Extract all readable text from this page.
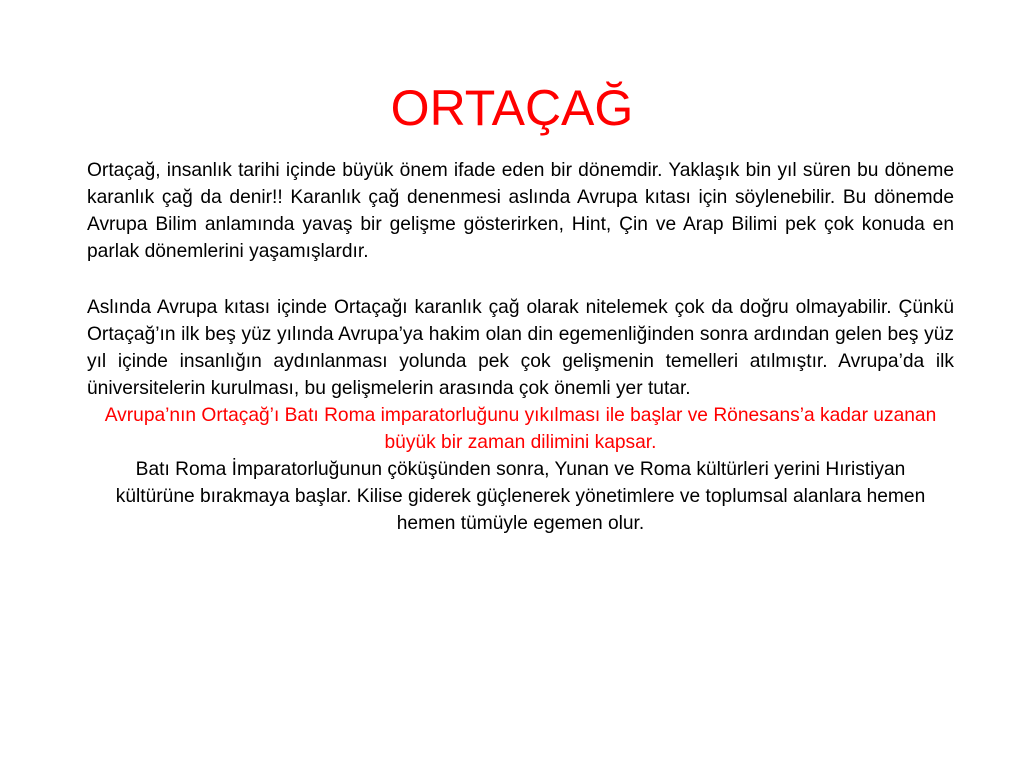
ORTAÇAĞ

Ortaçağ, insanlık tarihi içinde büyük önem ifade eden bir dönemdir. Yaklaşık bin yıl süren bu döneme karanlık çağ da denir!! Karanlık çağ denenmesi aslında Avrupa kıtası için söylenebilir. Bu dönemde Avrupa Bilim anlamında yavaş bir gelişme gösterirken, Hint, Çin ve Arap Bilimi pek çok konuda en parlak dönemlerini yaşamışlardır.

Aslında Avrupa kıtası içinde Ortaçağı karanlık çağ olarak nitelemek çok da doğru olmayabilir. Çünkü Ortaçağ’ın ilk beş yüz yılında Avrupa’ya hakim olan din egemenliğinden sonra ardından gelen beş yüz yıl içinde insanlığın aydınlanması yolunda pek çok gelişmenin temelleri atılmıştır. Avrupa’da ilk üniversitelerin kurulması, bu gelişmelerin arasında çok önemli yer tutar.

Avrupa’nın Ortaçağ’ı Batı Roma imparatorluğunu yıkılması ile başlar ve Rönesans’a kadar uzanan büyük bir zaman dilimini kapsar.

Batı Roma İmparatorluğunun çöküşünden sonra, Yunan ve Roma kültürleri yerini Hıristiyan kültürüne bırakmaya başlar. Kilise giderek güçlenerek yönetimlere ve toplumsal alanlara hemen hemen tümüyle egemen olur.
